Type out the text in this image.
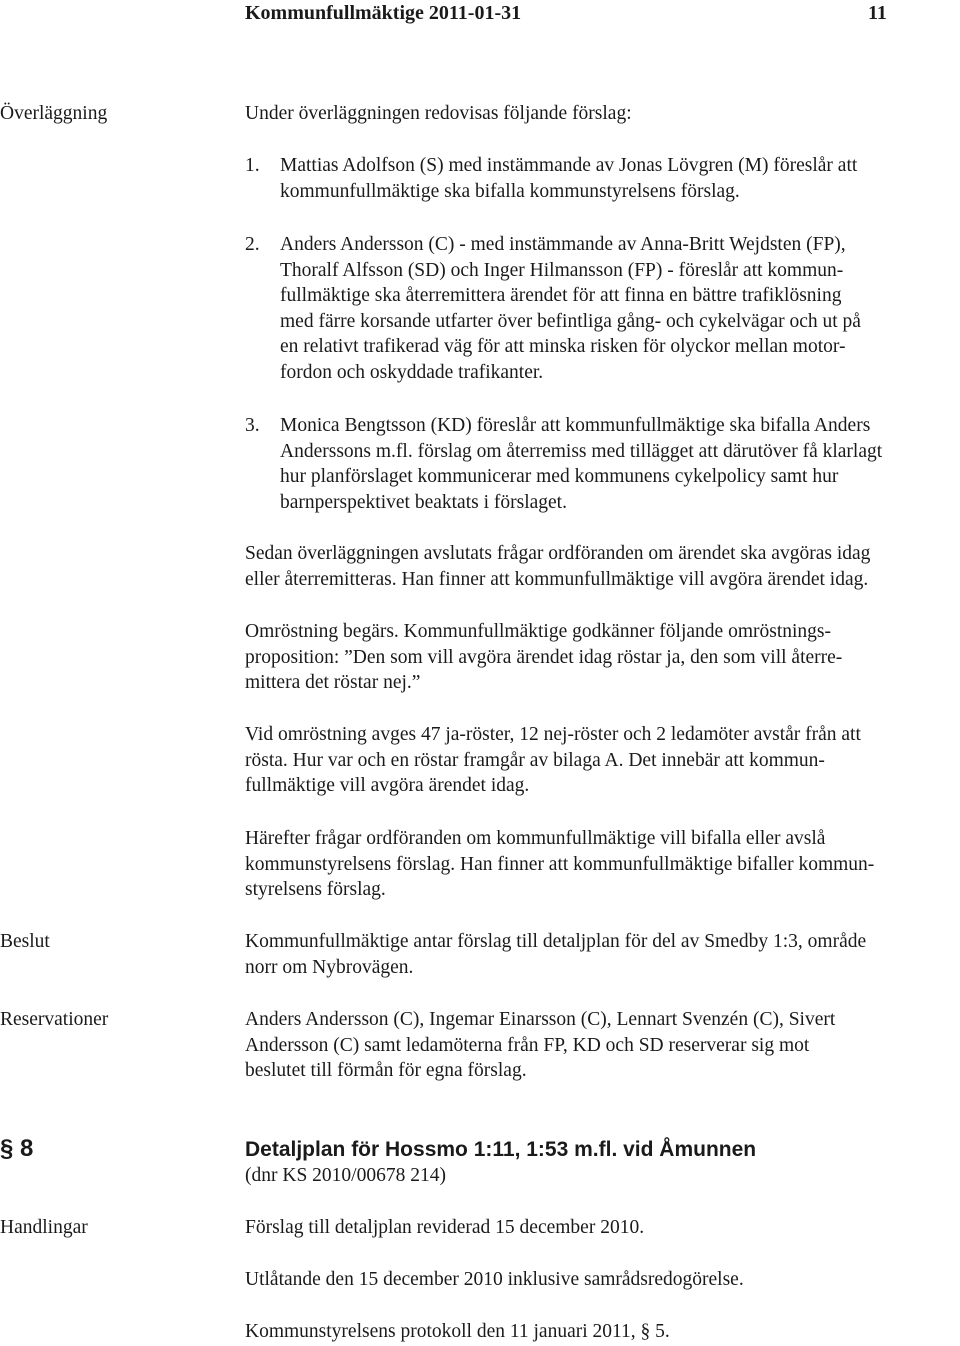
Kommunfullmäktige 2011-01-31	11
Överläggning	Under överläggningen redovisas följande förslag:
1. Mattias Adolfson (S) med instämmande av Jonas Lövgren (M) föreslår att
kommunfullmäktige ska bifalla kommunstyrelsens förslag.
2. Anders Andersson (C) - med instämmande av Anna-Britt Wejdsten (FP),
Thoralf Alfsson (SD) och Inger Hilmansson (FP) - föreslår att kommun-
fullmäktige ska återremittera ärendet för att finna en bättre trafiklösning
med färre korsande utfarter över befintliga gång- och cykelvägar och ut på
en relativt trafikerad väg för att minska risken för olyckor mellan motor-
fordon och oskyddade trafikanter.
3. Monica Bengtsson (KD) föreslår att kommunfullmäktige ska bifalla Anders
Anderssons m.fl. förslag om återremiss med tillägget att därutöver få klarlagt
hur planförslaget kommunicerar med kommunens cykelpolicy samt hur
barnperspektivet beaktats i förslaget.
Sedan överläggningen avslutats frågar ordföranden om ärendet ska avgöras idag
eller återremitteras. Han finner att kommunfullmäktige vill avgöra ärendet idag.
Omröstning begärs. Kommunfullmäktige godkänner följande omröstnings-
proposition: ”Den som vill avgöra ärendet idag röstar ja, den som vill återre-
mittera det röstar nej.”
Vid omröstning avges 47 ja-röster, 12 nej-röster och 2 ledamöter avstår från att
rösta. Hur var och en röstar framgår av bilaga A. Det innebär att kommun-
fullmäktige vill avgöra ärendet idag.
Härefter frågar ordföranden om kommunfullmäktige vill bifalla eller avslå
kommunstyrelsens förslag. Han finner att kommunfullmäktige bifaller kommun-
styrelsens förslag.
Beslut	Kommunfullmäktige antar förslag till detaljplan för del av Smedby 1:3, område
norr om Nybrovägen.
Reservationer	Anders Andersson (C), Ingemar Einarsson (C), Lennart Svenzén (C), Sivert
Andersson (C) samt ledamöterna från FP, KD och SD reserverar sig mot
beslutet till förmån för egna förslag.
§ 8	Detaljplan för Hossmo 1:11, 1:53 m.fl. vid Åmunnen
(dnr KS 2010/00678 214)
Handlingar	Förslag till detaljplan reviderad 15 december 2010.
Utlåtande den 15 december 2010 inklusive samrådsredogörelse.
Kommunstyrelsens protokoll den 11 januari 2011, § 5.
